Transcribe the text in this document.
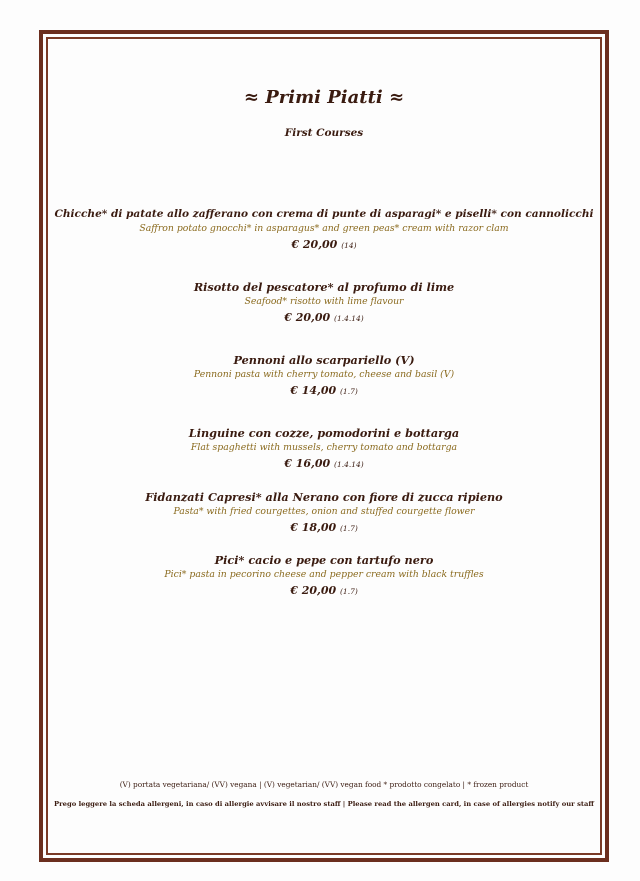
≈ Primi Piatti ≈
First Courses
Chicche* di patate allo zafferano con crema di punte di asparagi* e piselli* con cannolicchi
Saffron potato gnocchi* in asparagus* and green peas* cream with razor clam
€ 20,00 (14)
Risotto del pescatore* al profumo di lime
Seafood* risotto with lime flavour
€ 20,00 (1.4.14)
Pennoni allo scarpariello (V)
Pennoni pasta with cherry tomato, cheese and basil (V)
€ 14,00 (1.7)
Linguine con cozze, pomodorini e bottarga
Flat spaghetti with mussels, cherry tomato and bottarga
€ 16,00 (1.4.14)
Fidanzati Capresi* alla Nerano con fiore di zucca ripieno
Pasta* with fried courgettes, onion and stuffed courgette flower
€ 18,00 (1.7)
Pici* cacio e pepe con tartufo nero
Pici* pasta in pecorino cheese and pepper cream with black truffles
€ 20,00 (1.7)
(V) portata vegetariana/ (VV) vegana | (V) vegetarian/ (VV) vegan food * prodotto congelato | * frozen product
Prego leggere la scheda allergeni, in caso di allergie avvisare il nostro staff | Please read the allergen card, in case of allergies notify our staff
